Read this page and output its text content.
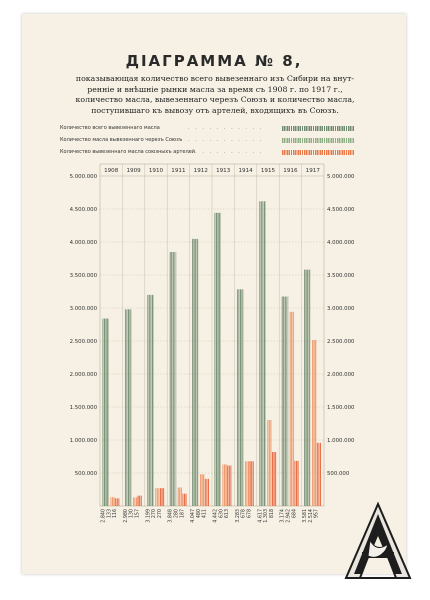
ДIАГРАММА № 8,
показывающая количество всего вывезеннаго изъ Сибири на внут-
ренніе и внѣшніе рынки масла за время съ 1908 г. по 1917 г.,
количество масла, вывезеннаго черезъ Союзъ и количество масла,
поступившаго къ вывозу отъ артелей, входящихъ въ Союзъ.
Количество всего вывезеннаго масла	. . . . . . . . . . .
Количество масла вывезеннаго черезъ Союзъ . . . . . . . . . . .
Количество вывезеннаго масла союзныхъ артелей
. . . . . . . . . . .
500.000	500.000
1.000.000	1.000.000
1.500.000	1.500.000
2.000.000	2.000.000
2.500.000	2.500.000
3.000.000	3.000.000
3.500.000	3.500.000
4.000.000	4.000.000
4.500.000	4.500.000
5.000.000	5.000.000
1908
2.840 133 116
1909
2.980 130 157
1910
3.199 270 270
1911
3.848 280 187
1912
4.047 480 411
1913
4.442 630 613
1914
3.283 678 678
1915
4.617 1.303 818
1916
3.174 2.942 684
1917
3.581 2.514 957
